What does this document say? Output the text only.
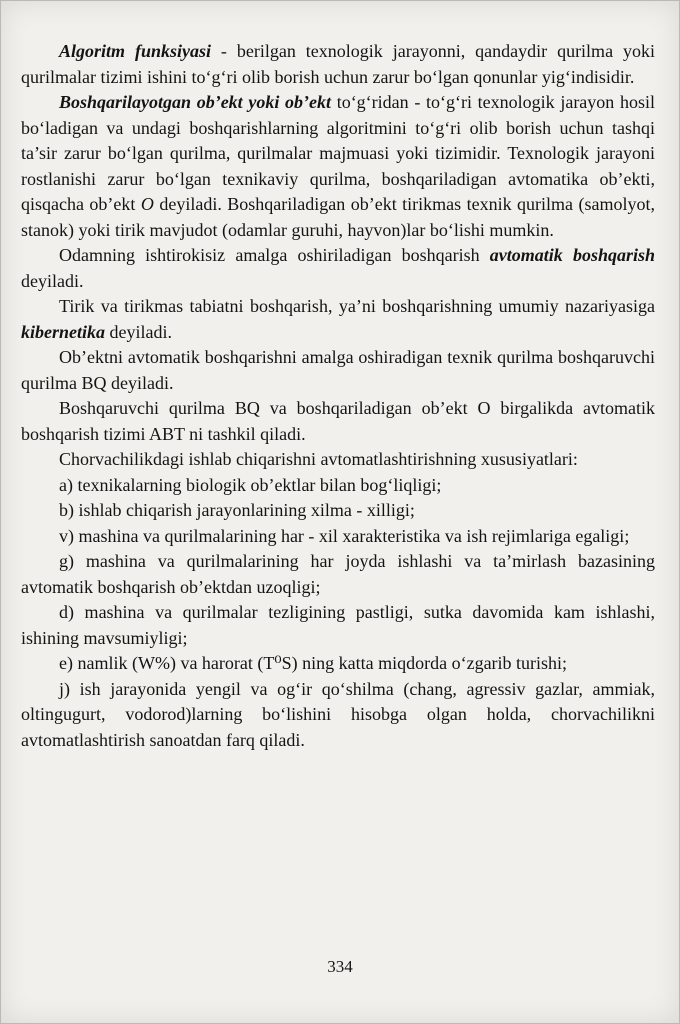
Algoritm funksiyasi - berilgan texnologik jarayonni, qandaydir qurilma yoki qurilmalar tizimi ishini toʻgʻri olib borish uchun zarur boʻlgan qonunlar yigʻindisidir.

Boshqarilayotgan ob’ekt yoki ob’ekt toʻgʻridan - toʻgʻri texnologik jarayon hosil boʻladigan va undagi boshqarishlarning algoritmini toʻgʻri olib borish uchun tashqi ta’sir zarur boʻlgan qurilma, qurilmalar majmuasi yoki tizimidir. Texnologik jarayoni rostlanishi zarur boʻlgan texnikaviy qurilma, boshqariladigan avtomatika ob’ekti, qisqacha ob’ekt O deyiladi. Boshqariladigan ob’ekt tirikmas texnik qurilma (samolyot, stanok) yoki tirik mavjudot (odamlar guruhi, hayvon)lar boʻlishi mumkin.

Odamning ishtirokisiz amalga oshiriladigan boshqarish avtomatik boshqarish deyiladi.

Tirik va tirikmas tabiatni boshqarish, ya’ni boshqarishning umumiy nazariyasiga kibernetika deyiladi.

Ob’ektni avtomatik boshqarishni amalga oshiradigan texnik qurilma boshqaruvchi qurilma BQ deyiladi.

Boshqaruvchi qurilma BQ va boshqariladigan ob’ekt O birgalikda avtomatik boshqarish tizimi ABT ni tashkil qiladi.

Chorvachilikdagi ishlab chiqarishni avtomatlashtirishning xususiyatlari:

a) texnikalarning biologik ob’ektlar bilan bogʻliqligi;

b) ishlab chiqarish jarayonlarining xilma - xilligi;

v) mashina va qurilmalarining har - xil xarakteristika va ish rejimlariga egaligi;

g) mashina va qurilmalarining har joyda ishlashi va ta’mirlash bazasining avtomatik boshqarish ob’ektdan uzoqligi;

d) mashina va qurilmalar tezligining pastligi, sutka davomida kam ishlashi, ishining mavsumiyligi;

e) namlik (W%) va harorat (T⁰S) ning katta miqdorda oʻzgarib turishi;

j) ish jarayonida yengil va ogʻir qoʻshilma (chang, agressiv gazlar, ammiak, oltingugurt, vodorod)larning boʻlishini hisobga olgan holda, chorvachilikni avtomatlashtirish sanoatdan farq qiladi.

334
